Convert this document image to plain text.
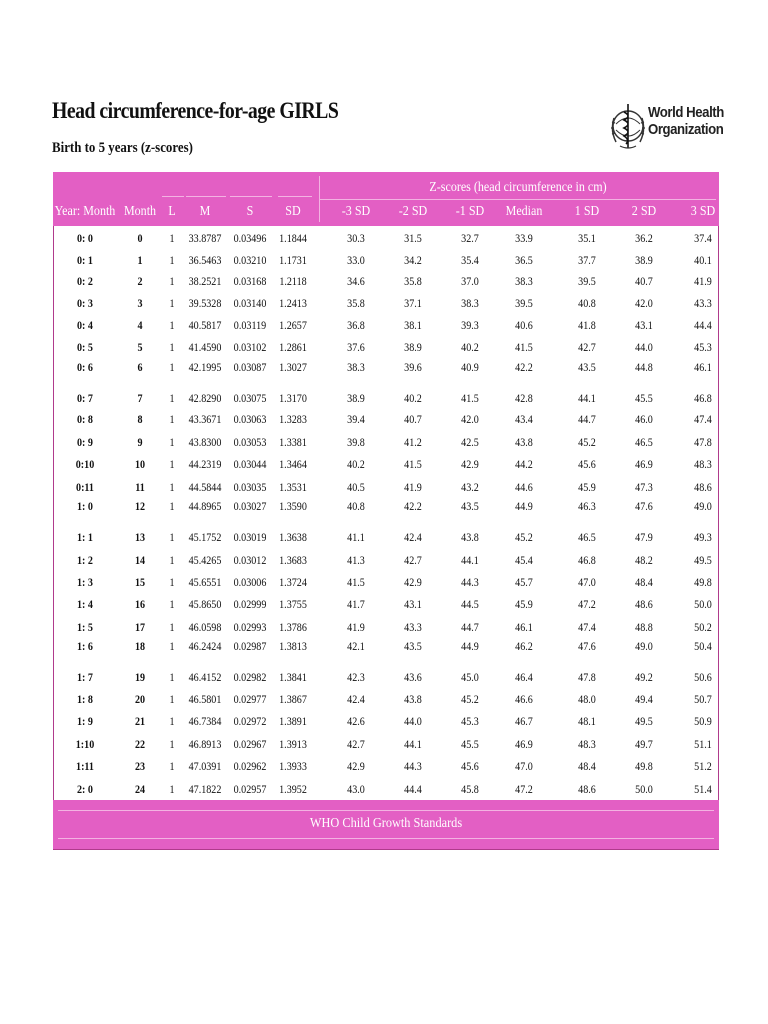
Head circumference-for-age GIRLS
Birth to 5 years (z-scores)
World Health
Organization
Z-scores (head circumference in cm)
WHO Child Growth Standards
Year: Month Month L M	S SD	-3 SD -2 SD -1 SD Median 1 SD 2 SD 3 SD
0: 0	0 1 33.8787 0.03496 1.1844	30.3	31.5	32.7	33.9	35.1	36.2	37.4
0: 1	1 1 36.5463 0.03210 1.1731	33.0	34.2	35.4	36.5	37.7	38.9	40.1
0: 2	2 1 38.2521 0.03168 1.2118	34.6	35.8	37.0	38.3	39.5	40.7	41.9
0: 3	3 1 39.5328 0.03140 1.2413	35.8	37.1	38.3	39.5	40.8	42.0	43.3
0: 4	4 1 40.5817 0.03119 1.2657	36.8	38.1	39.3	40.6	41.8	43.1	44.4
0: 5	5 1 41.4590 0.03102 1.2861	37.6	38.9	40.2	41.5	42.7	44.0	45.3
0: 6	6 1 42.1995 0.03087 1.3027	38.3	39.6	40.9	42.2	43.5	44.8	46.1
0: 7	7 1 42.8290 0.03075 1.3170	38.9	40.2	41.5	42.8	44.1	45.5	46.8
0: 8	8 1 43.3671 0.03063 1.3283	39.4	40.7	42.0	43.4	44.7	46.0	47.4
0: 9	9 1 43.8300 0.03053 1.3381	39.8	41.2	42.5	43.8	45.2	46.5	47.8
0:10	10 1 44.2319 0.03044 1.3464	40.2	41.5	42.9	44.2	45.6	46.9	48.3
0:11	11 1 44.5844 0.03035 1.3531	40.5	41.9	43.2	44.6	45.9	47.3	48.6
1: 0	12 1 44.8965 0.03027 1.3590	40.8	42.2	43.5	44.9	46.3	47.6	49.0
1: 1	13 1 45.1752 0.03019 1.3638	41.1	42.4	43.8	45.2	46.5	47.9	49.3
1: 2	14 1 45.4265 0.03012 1.3683	41.3	42.7	44.1	45.4	46.8	48.2	49.5
1: 3	15 1 45.6551 0.03006 1.3724	41.5	42.9	44.3	45.7	47.0	48.4	49.8
1: 4	16 1 45.8650 0.02999 1.3755	41.7	43.1	44.5	45.9	47.2	48.6	50.0
1: 5	17 1 46.0598 0.02993 1.3786	41.9	43.3	44.7	46.1	47.4	48.8	50.2
1: 6	18 1 46.2424 0.02987 1.3813	42.1	43.5	44.9	46.2	47.6	49.0	50.4
1: 7	19 1 46.4152 0.02982 1.3841	42.3	43.6	45.0	46.4	47.8	49.2	50.6
1: 8	20 1 46.5801 0.02977 1.3867	42.4	43.8	45.2	46.6	48.0	49.4	50.7
1: 9	21 1 46.7384 0.02972 1.3891	42.6	44.0	45.3	46.7	48.1	49.5	50.9
1:10	22 1 46.8913 0.02967 1.3913	42.7	44.1	45.5	46.9	48.3	49.7	51.1
1:11	23 1 47.0391 0.02962 1.3933	42.9	44.3	45.6	47.0	48.4	49.8	51.2
2: 0	24 1 47.1822 0.02957 1.3952	43.0	44.4	45.8	47.2	48.6	50.0	51.4
